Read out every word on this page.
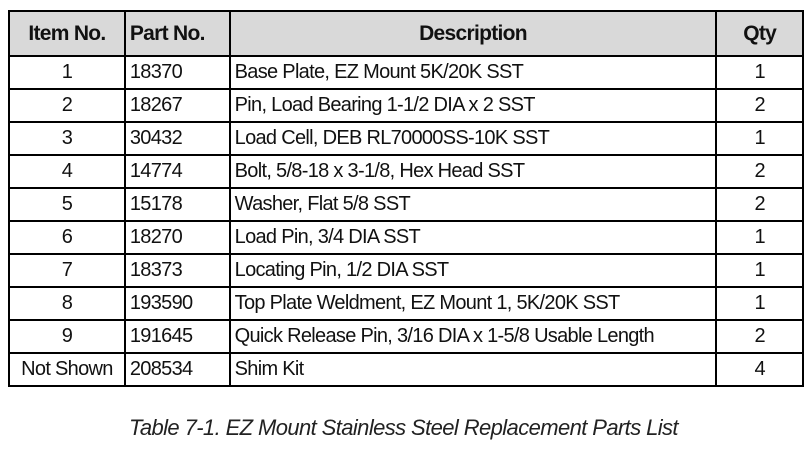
Item No.	Part No.	Description	Qty
1	18370	Base Plate, EZ Mount 5K/20K SST	1
2	18267	Pin, Load Bearing 1-1/2 DIA x 2 SST	2
3	30432	Load Cell, DEB RL70000SS-10K SST	1
4	14774	Bolt, 5/8-18 x 3-1/8, Hex Head SST	2
5	15178	Washer, Flat 5/8 SST	2
6	18270	Load Pin, 3/4 DIA SST	1
7	18373	Locating Pin, 1/2 DIA SST	1
8	193590	Top Plate Weldment, EZ Mount 1, 5K/20K SST	1
9	191645	Quick Release Pin, 3/16 DIA x 1-5/8 Usable Length	2
Not Shown	208534	Shim Kit	4
Table 7-1. EZ Mount Stainless Steel Replacement Parts List
